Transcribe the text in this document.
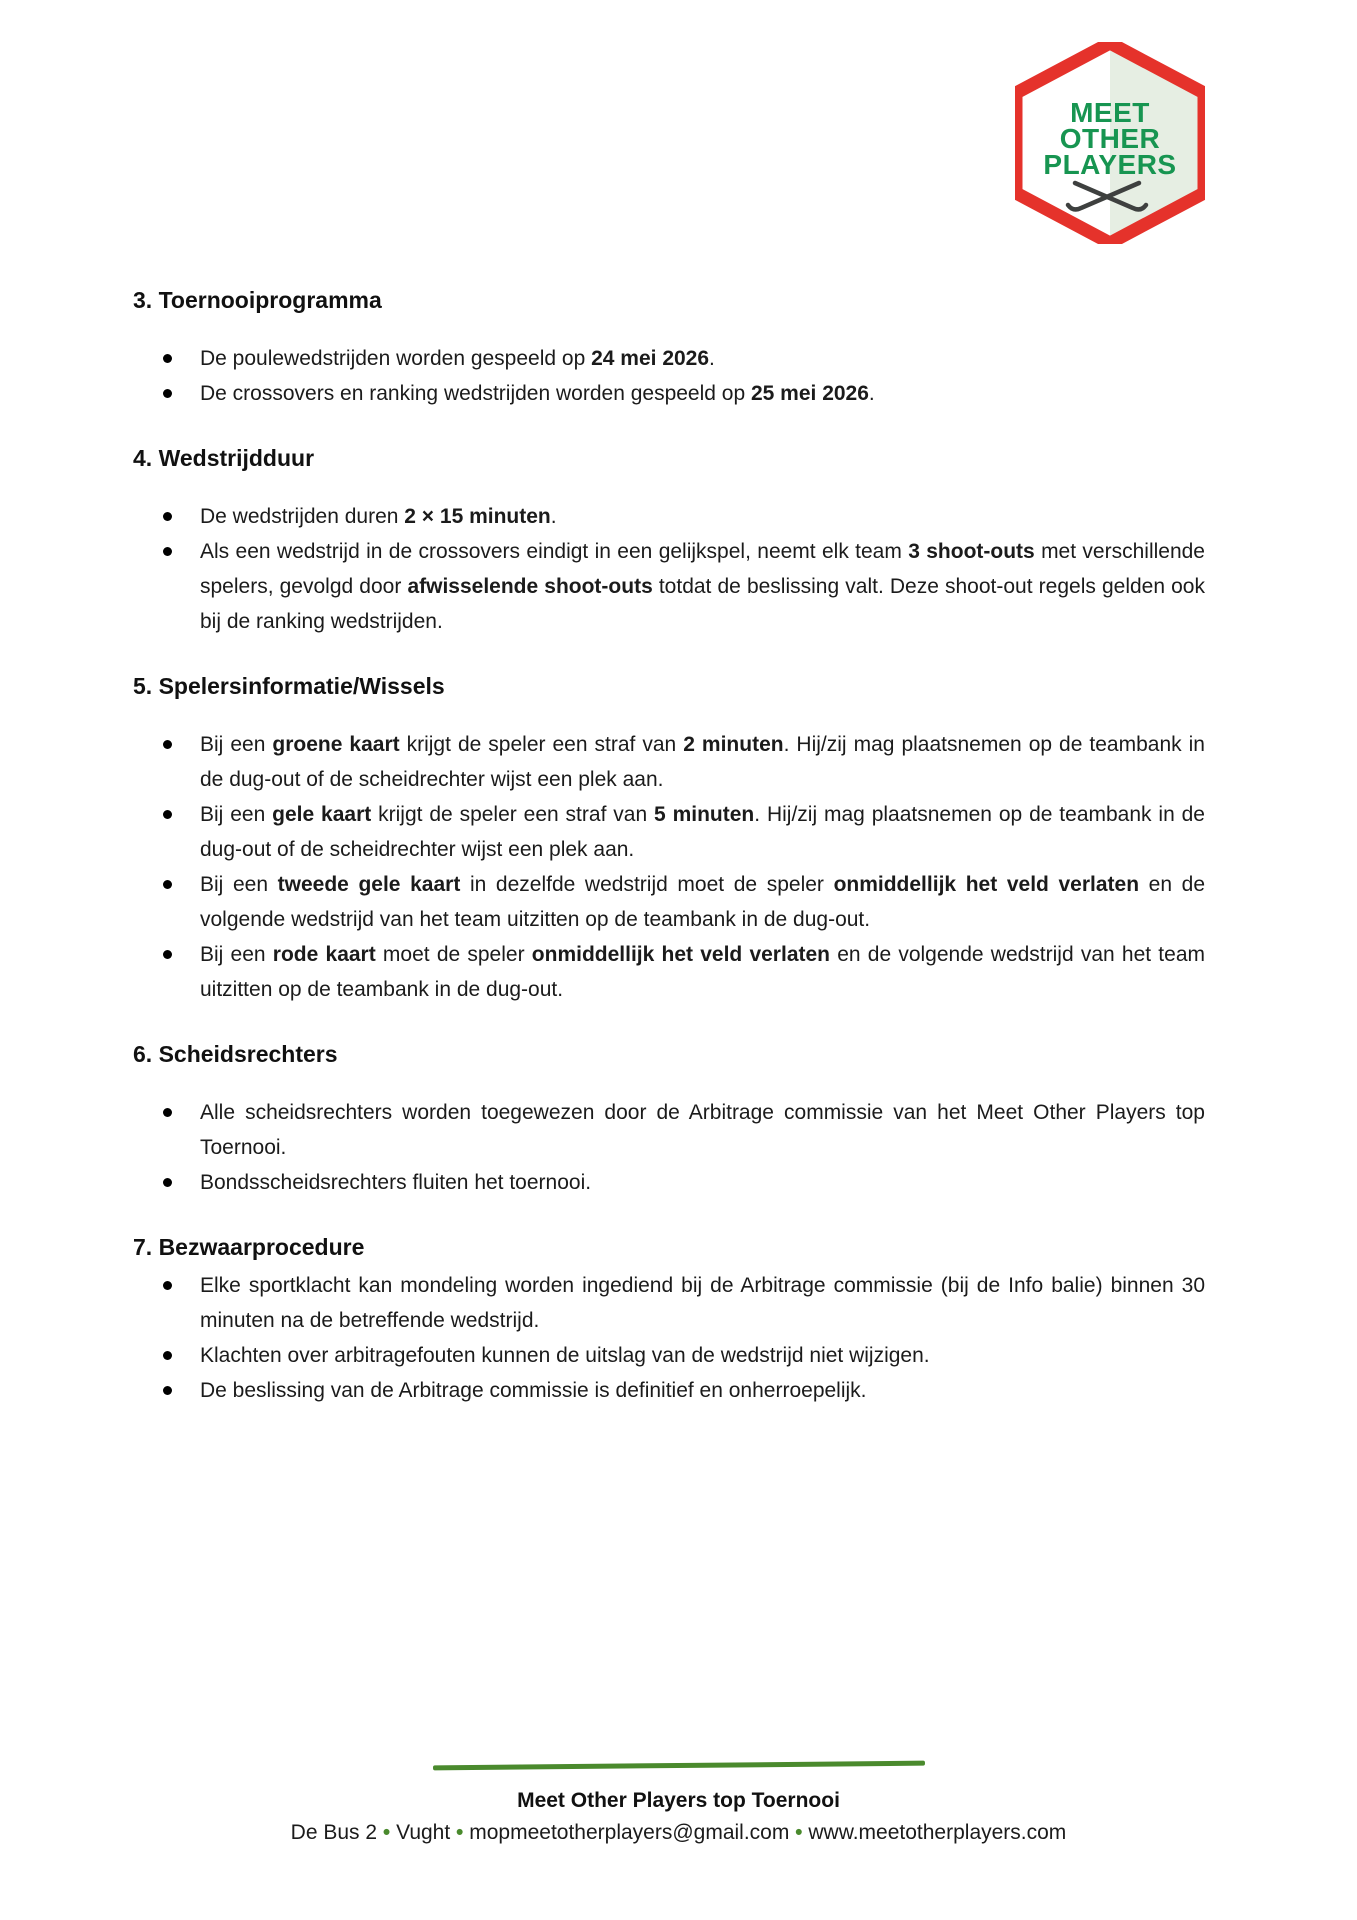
MEET
OTHER
PLAYERS
3. Toernooiprogramma
De poulewedstrijden worden gespeeld op 24 mei 2026.
De crossovers en ranking wedstrijden worden gespeeld op 25 mei 2026.
4. Wedstrijdduur
De wedstrijden duren 2 × 15 minuten.
Als een wedstrijd in de crossovers eindigt in een gelijkspel, neemt elk team 3 shoot-outs met verschillende spelers, gevolgd door afwisselende shoot-outs totdat de beslissing valt. Deze shoot-out regels gelden ook bij de ranking wedstrijden.
5. Spelersinformatie/Wissels
Bij een groene kaart krijgt de speler een straf van 2 minuten. Hij/zij mag plaatsnemen op de teambank in de dug-out of de scheidrechter wijst een plek aan.
Bij een gele kaart krijgt de speler een straf van 5 minuten. Hij/zij mag plaatsnemen op de teambank in de dug-out of de scheidrechter wijst een plek aan.
Bij een tweede gele kaart in dezelfde wedstrijd moet de speler onmiddellijk het veld verlaten en de volgende wedstrijd van het team uitzitten op de teambank in de dug-out.
Bij een rode kaart moet de speler onmiddellijk het veld verlaten en de volgende wedstrijd van het team uitzitten op de teambank in de dug-out.
6. Scheidsrechters
Alle scheidsrechters worden toegewezen door de Arbitrage commissie van het Meet Other Players top Toernooi.
Bondsscheidsrechters fluiten het toernooi.
7. Bezwaarprocedure
Elke sportklacht kan mondeling worden ingediend bij de Arbitrage commissie (bij de Info balie) binnen 30 minuten na de betreffende wedstrijd.
Klachten over arbitragefouten kunnen de uitslag van de wedstrijd niet wijzigen.
De beslissing van de Arbitrage commissie is definitief en onherroepelijk.
Meet Other Players top Toernooi
De Bus 2 • Vught • mopmeetotherplayers@gmail.com • www.meetotherplayers.com
